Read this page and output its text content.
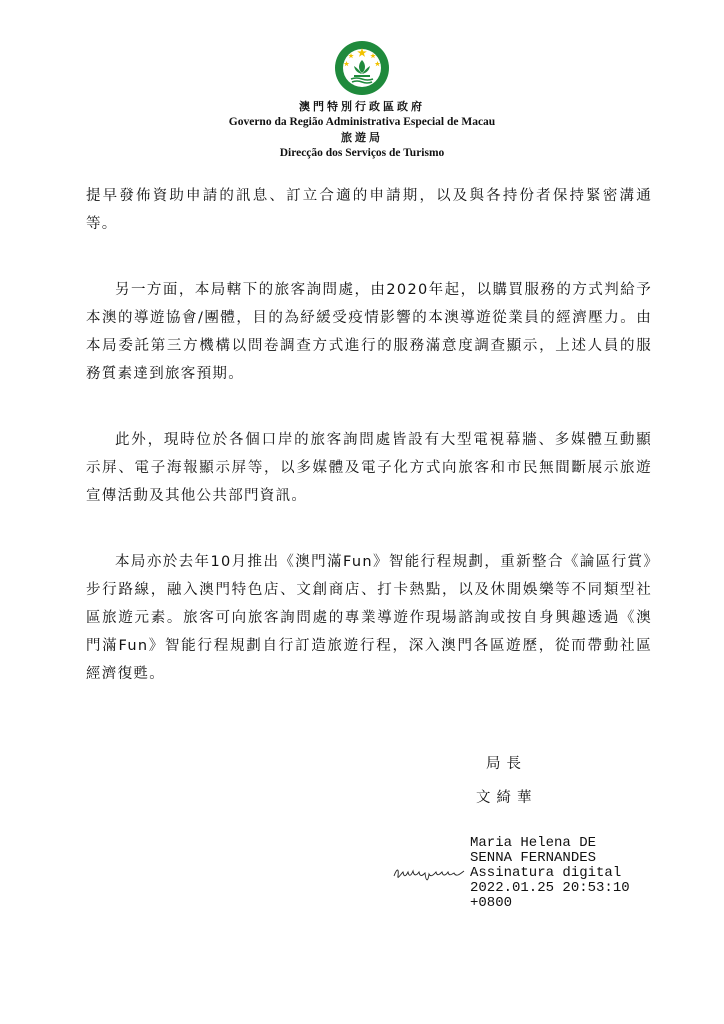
澳門特別行政區政府
Governo da Região Administrativa Especial de Macau
旅遊局
Direcção dos Serviços de Turismo

提早發佈資助申請的訊息、訂立合適的申請期，以及與各持份者保持緊密溝通等。

另一方面，本局轄下的旅客詢問處，由2020年起，以購買服務的方式判給予本澳的導遊協會/團體，目的為紓緩受疫情影響的本澳導遊從業員的經濟壓力。由本局委託第三方機構以問卷調查方式進行的服務滿意度調查顯示，上述人員的服務質素達到旅客預期。

此外，現時位於各個口岸的旅客詢問處皆設有大型電視幕牆、多媒體互動顯示屏、電子海報顯示屏等，以多媒體及電子化方式向旅客和市民無間斷展示旅遊宣傳活動及其他公共部門資訊。

本局亦於去年10月推出《澳門滿Fun》智能行程規劃，重新整合《論區行賞》步行路線，融入澳門特色店、文創商店、打卡熱點，以及休閒娛樂等不同類型社區旅遊元素。旅客可向旅客詢問處的專業導遊作現場諮詢或按自身興趣透過《澳門滿Fun》智能行程規劃自行訂造旅遊行程，深入澳門各區遊歷，從而帶動社區經濟復甦。

局長
文綺華
Maria Helena DE
SENNA FERNANDES
Assinatura digital
2022.01.25 20:53:10
+0800
